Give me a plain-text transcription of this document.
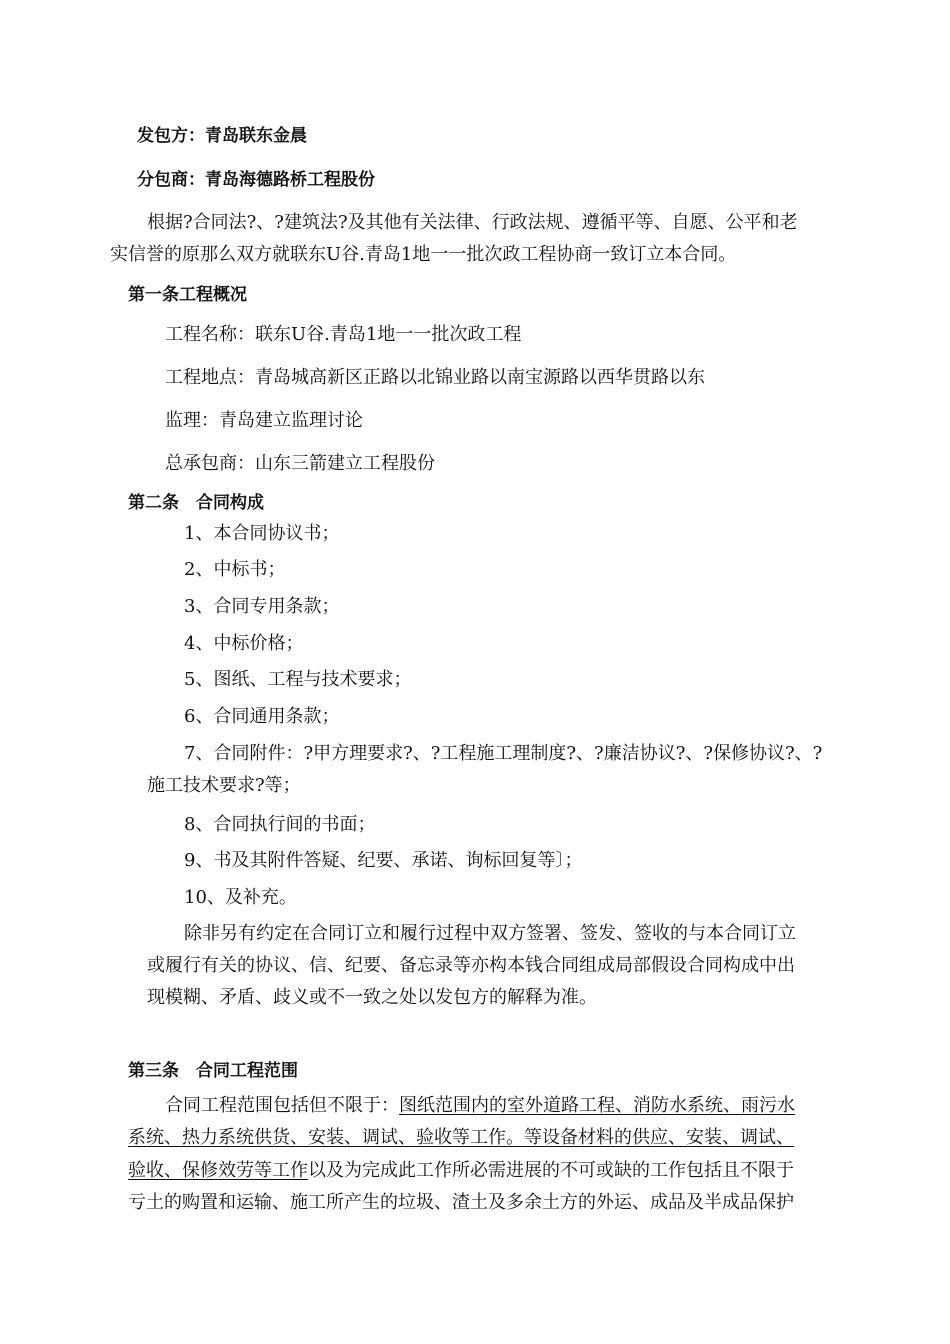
发包方：青岛联东金晨
分包商：青岛海德路桥工程股份
根据?合同法?、?建筑法?及其他有关法律、行政法规、遵循平等、自愿、公平和老
实信誉的原那么双方就联东U谷.青岛1地一一批次政工程协商一致订立本合同。
第一条工程概况
工程名称：联东U谷.青岛1地一一批次政工程
工程地点：青岛城高新区正路以北锦业路以南宝源路以西华贯路以东
监理：青岛建立监理讨论
总承包商：山东三箭建立工程股份
第二条　合同构成
1、本合同协议书；
2、中标书；
3、合同专用条款；
4、中标价格；
5、图纸、工程与技术要求；
6、合同通用条款；
7、合同附件：?甲方理要求?、?工程施工理制度?、?廉洁协议?、?保修协议?、?
施工技术要求?等；
8、合同执行间的书面；
9、书及其附件答疑、纪要、承诺、询标回复等〕；
10、及补充。
除非另有约定在合同订立和履行过程中双方签署、签发、签收的与本合同订立
或履行有关的协议、信、纪要、备忘录等亦构本钱合同组成局部假设合同构成中出
现模糊、矛盾、歧义或不一致之处以发包方的解释为准。
第三条　合同工程范围
合同工程范围包括但不限于：图纸范围内的室外道路工程、消防水系统、雨污水
系统、热力系统供货、安装、调试、验收等工作。等设备材料的供应、安装、调试、
验收、保修效劳等工作以及为完成此工作所必需进展的不可或缺的工作包括且不限于
亏土的购置和运输、施工所产生的垃圾、渣土及多余土方的外运、成品及半成品保护
